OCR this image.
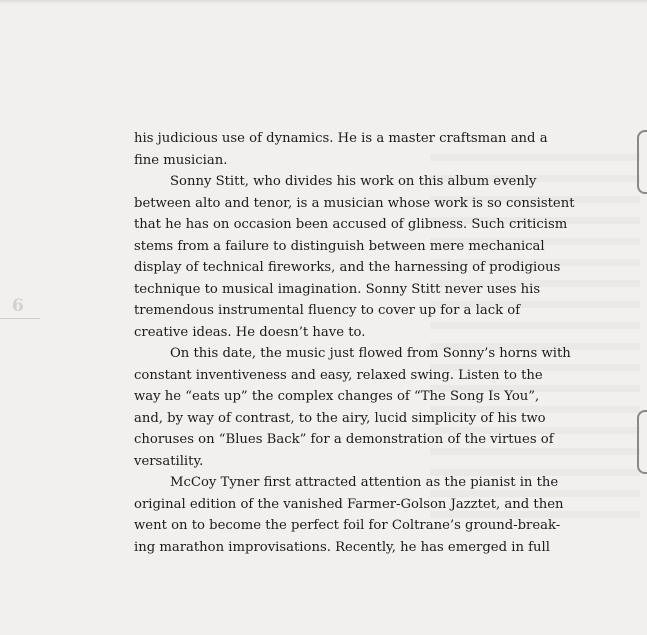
6
his judicious use of dynamics. He is a master craftsman and a
fine musician.
Sonny Stitt, who divides his work on this album evenly
between alto and tenor, is a musician whose work is so consistent
that he has on occasion been accused of glibness. Such criticism
stems from a failure to distinguish between mere mechanical
display of technical fireworks, and the harnessing of prodigious
technique to musical imagination. Sonny Stitt never uses his
tremendous instrumental fluency to cover up for a lack of
creative ideas. He doesn’t have to.
On this date, the music just flowed from Sonny’s horns with
constant inventiveness and easy, relaxed swing. Listen to the
way he “eats up” the complex changes of “The Song Is You”,
and, by way of contrast, to the airy, lucid simplicity of his two
choruses on “Blues Back” for a demonstration of the virtues of
versatility.
McCoy Tyner first attracted attention as the pianist in the
original edition of the vanished Farmer-Golson Jazztet, and then
went on to become the perfect foil for Coltrane’s ground-break-
ing marathon improvisations. Recently, he has emerged in full
